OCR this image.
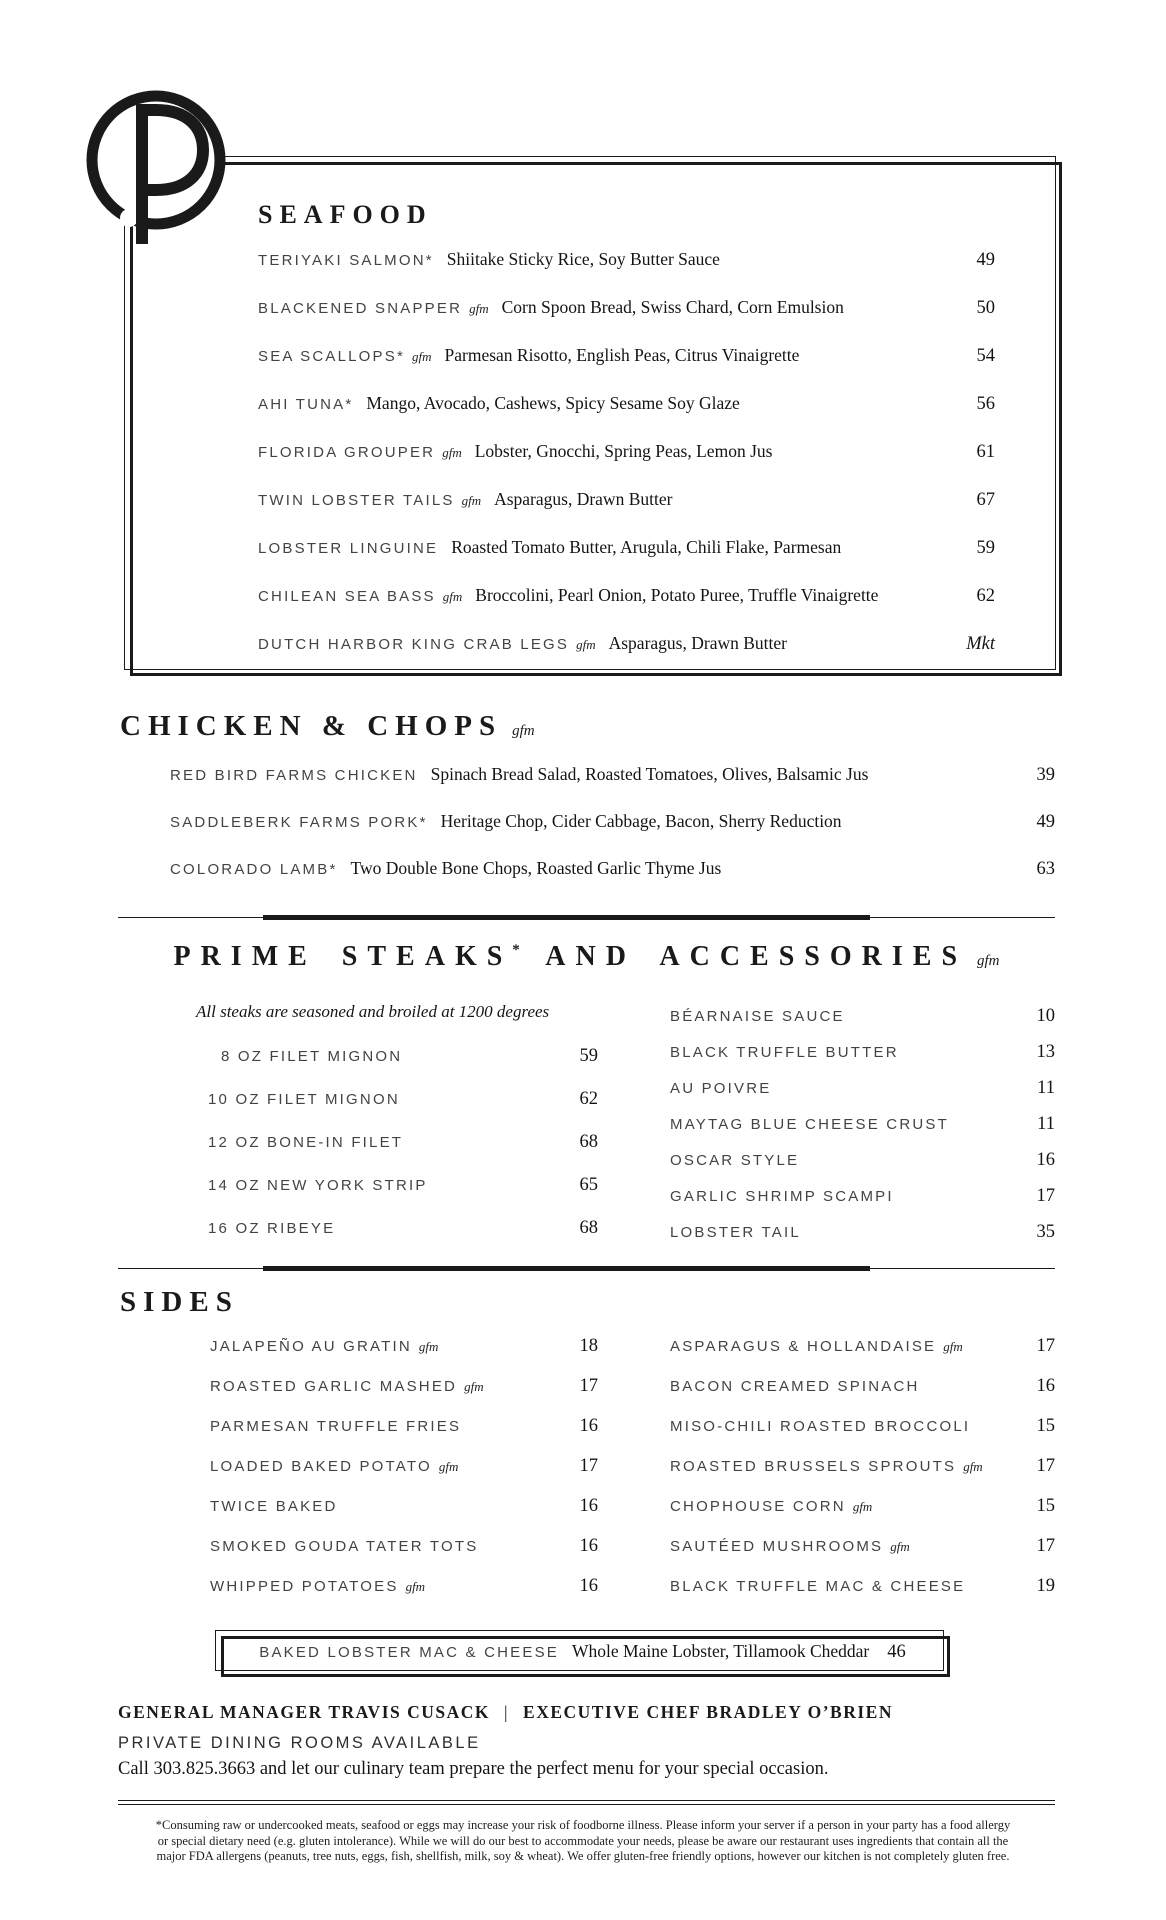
SEAFOOD
TERIYAKI SALMON* Shiitake Sticky Rice, Soy Butter Sauce	49
BLACKENED SNAPPER gfm Corn Spoon Bread, Swiss Chard, Corn Emulsion	50
SEA SCALLOPS* gfm Parmesan Risotto, English Peas, Citrus Vinaigrette	54
AHI TUNA* Mango, Avocado, Cashews, Spicy Sesame Soy Glaze	56
FLORIDA GROUPER gfm Lobster, Gnocchi, Spring Peas, Lemon Jus	61
TWIN LOBSTER TAILS gfm Asparagus, Drawn Butter	67
LOBSTER LINGUINE Roasted Tomato Butter, Arugula, Chili Flake, Parmesan	59
CHILEAN SEA BASS gfm Broccolini, Pearl Onion, Potato Puree, Truffle Vinaigrette	62
DUTCH HARBOR KING CRAB LEGS gfm Asparagus, Drawn Butter	Mkt
CHICKEN & CHOPS gfm
RED BIRD FARMS CHICKEN Spinach Bread Salad, Roasted Tomatoes, Olives, Balsamic Jus	39
SADDLEBERK FARMS PORK* Heritage Chop, Cider Cabbage, Bacon, Sherry Reduction	49
COLORADO LAMB* Two Double Bone Chops, Roasted Garlic Thyme Jus	63
PRIME STEAKS* AND ACCESSORIES gfm
All steaks are seasoned and broiled at 1200 degrees
8 OZ FILET MIGNON	59
10 OZ FILET MIGNON	62
12 OZ BONE-IN FILET	68
14 OZ NEW YORK STRIP	65
16 OZ RIBEYE	68
BÉARNAISE SAUCE	10
BLACK TRUFFLE BUTTER	13
AU POIVRE	11
MAYTAG BLUE CHEESE CRUST	11
OSCAR STYLE	16
GARLIC SHRIMP SCAMPI	17
LOBSTER TAIL	35
SIDES
JALAPEÑO AU GRATIN gfm	18
ROASTED GARLIC MASHED gfm	17
PARMESAN TRUFFLE FRIES	16
LOADED BAKED POTATO gfm	17
TWICE BAKED	16
SMOKED GOUDA TATER TOTS	16
WHIPPED POTATOES gfm	16
ASPARAGUS & HOLLANDAISE gfm	17
BACON CREAMED SPINACH	16
MISO-CHILI ROASTED BROCCOLI	15
ROASTED BRUSSELS SPROUTS gfm	17
CHOPHOUSE CORN gfm	15
SAUTÉED MUSHROOMS gfm	17
BLACK TRUFFLE MAC & CHEESE	19
BAKED LOBSTER MAC & CHEESE Whole Maine Lobster, Tillamook Cheddar 46
GENERAL MANAGER TRAVIS CUSACK | EXECUTIVE CHEF BRADLEY O’BRIEN
PRIVATE DINING ROOMS AVAILABLE
Call 303.825.3663 and let our culinary team prepare the perfect menu for your special occasion.
*Consuming raw or undercooked meats, seafood or eggs may increase your risk of foodborne illness. Please inform your server if a person in your party has a food allergy
or special dietary need (e.g. gluten intolerance). While we will do our best to accommodate your needs, please be aware our restaurant uses ingredients that contain all the
major FDA allergens (peanuts, tree nuts, eggs, fish, shellfish, milk, soy & wheat). We offer gluten-free friendly options, however our kitchen is not completely gluten free.
